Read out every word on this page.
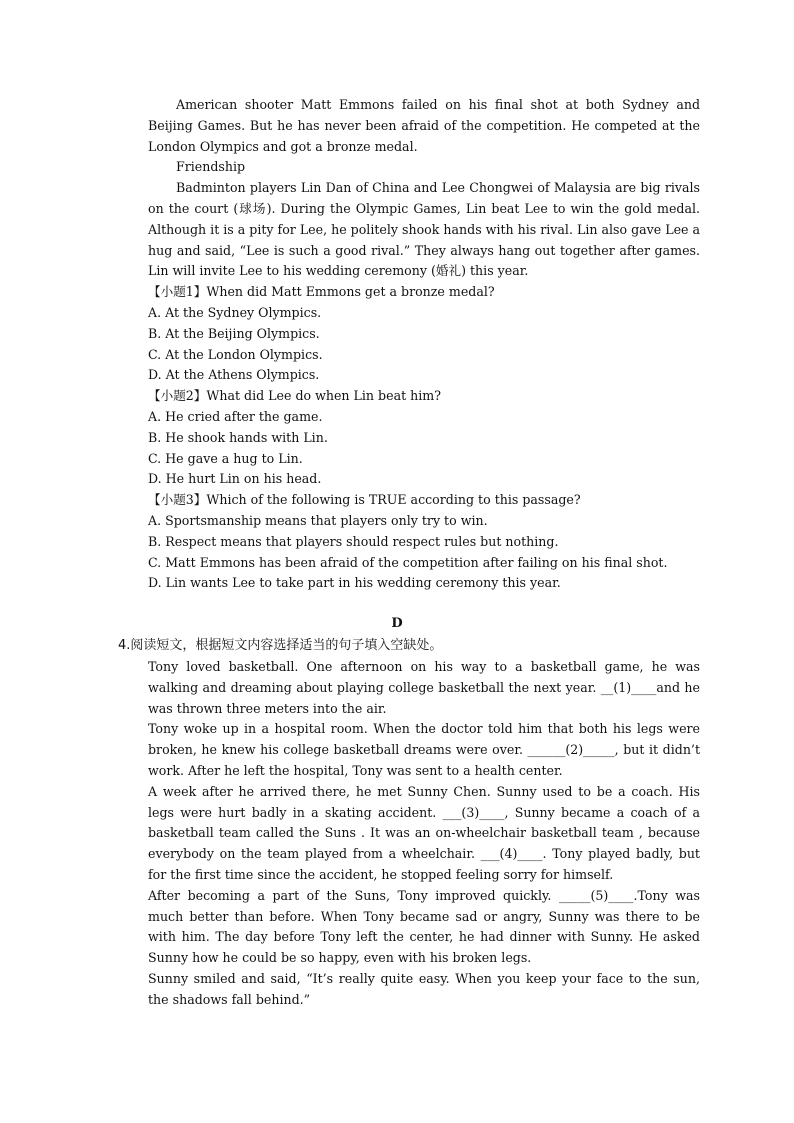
American shooter Matt Emmons failed on his final shot at both Sydney and Beijing Games. But he has never been afraid of the competition. He competed at the London Olympics and got a bronze medal.

Friendship

Badminton players Lin Dan of China and Lee Chongwei of Malaysia are big rivals on the court (球场). During the Olympic Games, Lin beat Lee to win the gold medal. Although it is a pity for Lee, he politely shook hands with his rival. Lin also gave Lee a hug and said, “Lee is such a good rival.” They always hang out together after games. Lin will invite Lee to his wedding ceremony (婚礼) this year.

【小题1】When did Matt Emmons get a bronze medal?

A. At the Sydney Olympics.

B. At the Beijing Olympics.

C. At the London Olympics.

D. At the Athens Olympics.

【小题2】What did Lee do when Lin beat him?

A. He cried after the game.

B. He shook hands with Lin.

C. He gave a hug to Lin.

D. He hurt Lin on his head.

【小题3】Which of the following is TRUE according to this passage?

A. Sportsmanship means that players only try to win.

B. Respect means that players should respect rules but nothing.

C. Matt Emmons has been afraid of the competition after failing on his final shot.

D. Lin wants Lee to take part in his wedding ceremony this year.

D
4.阅读短文，根据短文内容选择适当的句子填入空缺处。

Tony loved basketball. One afternoon on his way to a basketball game, he was walking and dreaming about playing college basketball the next year. __(1)____and he was thrown three meters into the air.

Tony woke up in a hospital room. When the doctor told him that both his legs were broken, he knew his college basketball dreams were over. ______(2)_____, but it didn’t work. After he left the hospital, Tony was sent to a health center.

A week after he arrived there, he met Sunny Chen. Sunny used to be a coach. His legs were hurt badly in a skating accident. ___(3)____, Sunny became a coach of a basketball team called the Suns . It was an on-wheelchair basketball team , because everybody on the team played from a wheelchair. ___(4)____. Tony played badly, but for the first time since the accident, he stopped feeling sorry for himself.

After becoming a part of the Suns, Tony improved quickly. _____(5)____.Tony was much better than before. When Tony became sad or angry, Sunny was there to be with him. The day before Tony left the center, he had dinner with Sunny. He asked Sunny how he could be so happy, even with his broken legs.

Sunny smiled and said, “It’s really quite easy. When you keep your face to the sun, the shadows fall behind.”
